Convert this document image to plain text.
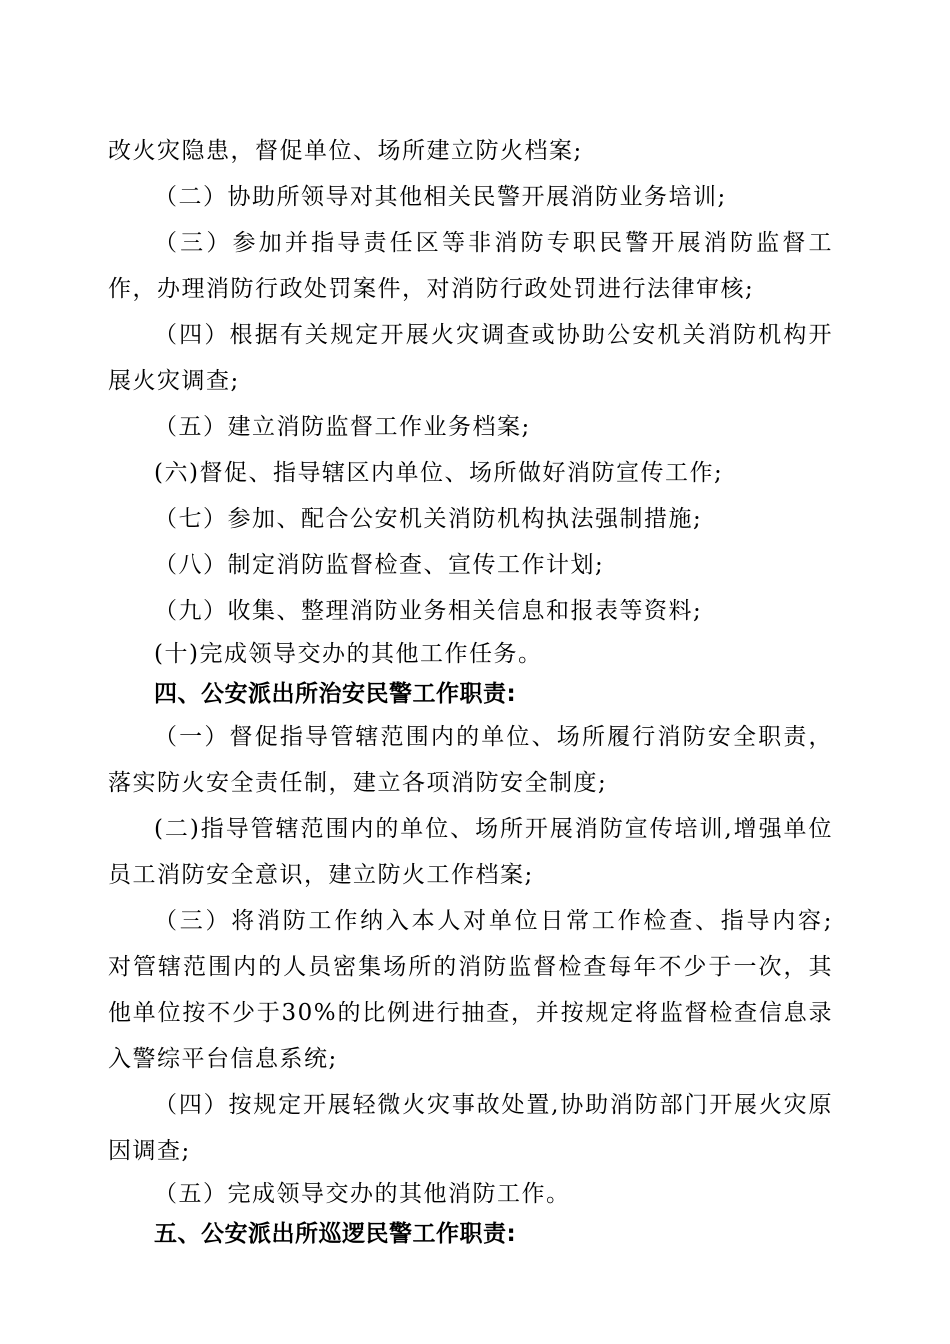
改火灾隐患，督促单位、场所建立防火档案;

（二）协助所领导对其他相关民警开展消防业务培训;

（三）参加并指导责任区等非消防专职民警开展消防监督工作，办理消防行政处罚案件，对消防行政处罚进行法律审核;

（四）根据有关规定开展火灾调查或协助公安机关消防机构开展火灾调查;

（五）建立消防监督工作业务档案;

(六)督促、指导辖区内单位、场所做好消防宣传工作;

（七）参加、配合公安机关消防机构执法强制措施;

（八）制定消防监督检查、宣传工作计划;

（九）收集、整理消防业务相关信息和报表等资料;

(十)完成领导交办的其他工作任务。

四、公安派出所治安民警工作职责:

（一）督促指导管辖范围内的单位、场所履行消防安全职责，落实防火安全责任制，建立各项消防安全制度;

(二)指导管辖范围内的单位、场所开展消防宣传培训,增强单位员工消防安全意识，建立防火工作档案;

（三）将消防工作纳入本人对单位日常工作检查、指导内容; 对管辖范围内的人员密集场所的消防监督检查每年不少于一次，其他单位按不少于30%的比例进行抽查，并按规定将监督检查信息录入警综平台信息系统;

（四）按规定开展轻微火灾事故处置,协助消防部门开展火灾原因调查;

（五）完成领导交办的其他消防工作。

五、公安派出所巡逻民警工作职责:
